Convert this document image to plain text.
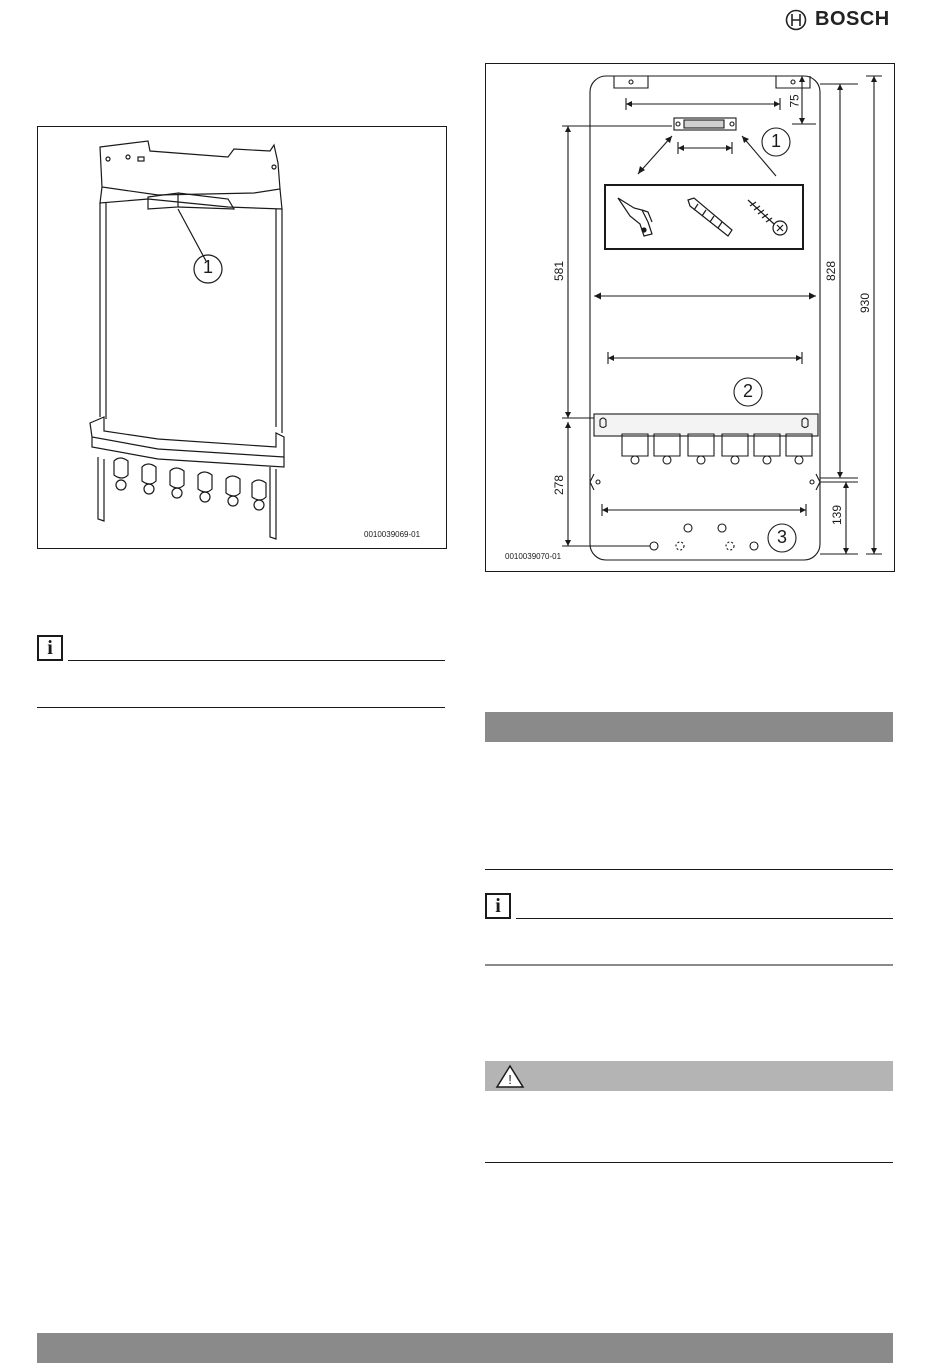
BOSCH
1
0010039069-01
1
2
3
75
581
278
828
930
139
0010039070-01
i
i
!
